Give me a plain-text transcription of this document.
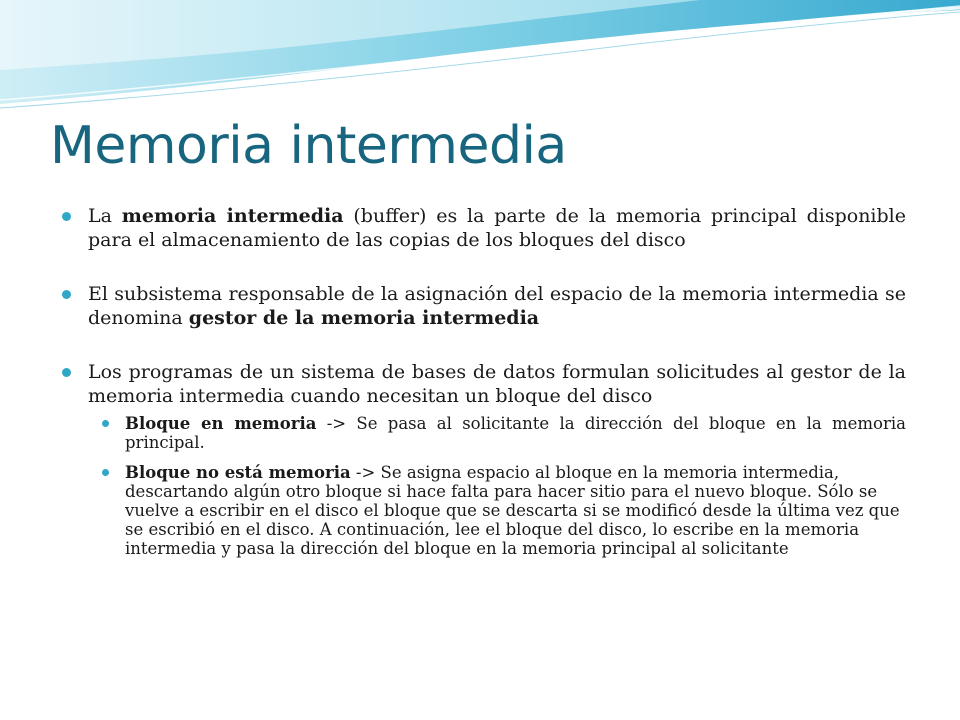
Memoria intermedia
La memoria intermedia (buffer) es la parte de la memoria principal disponible para el almacenamiento de las copias de los bloques del disco
El subsistema responsable de la asignación del espacio de la memoria intermedia se denomina gestor de la memoria intermedia
Los programas de un sistema de bases de datos formulan solicitudes al gestor de la memoria intermedia cuando necesitan un bloque del disco
Bloque en memoria -> Se pasa al solicitante la dirección del bloque en la memoria principal.
Bloque no está memoria -> Se asigna espacio al bloque en la memoria intermedia, descartando algún otro bloque si hace falta para hacer sitio para el nuevo bloque. Sólo se vuelve a escribir en el disco el bloque que se descarta si se modificó desde la última vez que se escribió en el disco. A continuación, lee el bloque del disco, lo escribe en la memoria intermedia y pasa la dirección del bloque en la memoria principal al solicitante
